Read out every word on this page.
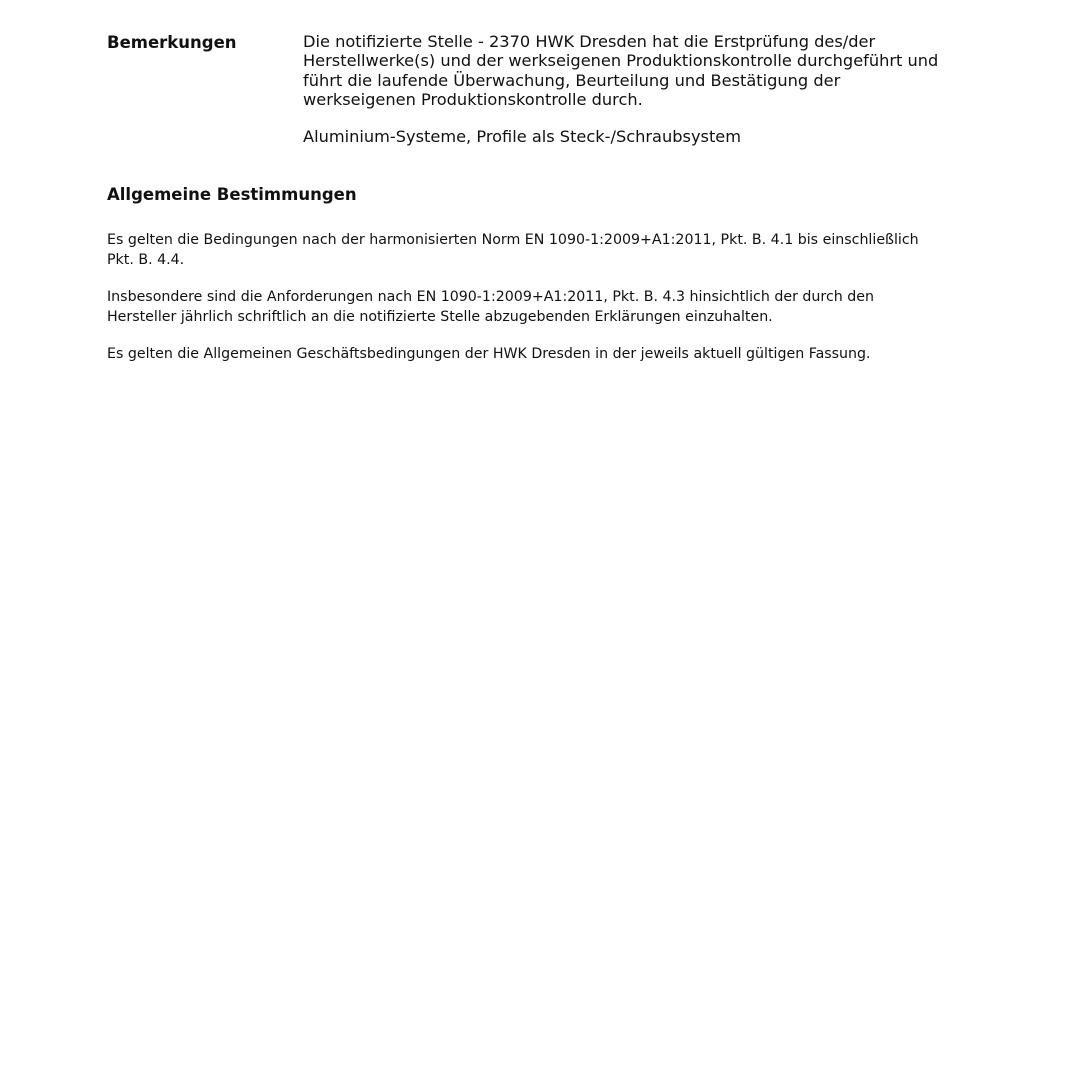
Bemerkungen	Die notifizierte Stelle - 2370 HWK Dresden hat die Erstprüfung des/der Herstellwerke(s) und der werkseigenen Produktionskontrolle durchgeführt und führt die laufende Überwachung, Beurteilung und Bestätigung der werkseigenen Produktionskontrolle durch.

Aluminium-Systeme, Profile als Steck-/Schraubsystem

Allgemeine Bestimmungen

Es gelten die Bedingungen nach der harmonisierten Norm EN 1090-1:2009+A1:2011, Pkt. B. 4.1 bis einschließlich Pkt. B. 4.4.

Insbesondere sind die Anforderungen nach EN 1090-1:2009+A1:2011, Pkt. B. 4.3 hinsichtlich der durch den Hersteller jährlich schriftlich an die notifizierte Stelle abzugebenden Erklärungen einzuhalten.

Es gelten die Allgemeinen Geschäftsbedingungen der HWK Dresden in der jeweils aktuell gültigen Fassung.
